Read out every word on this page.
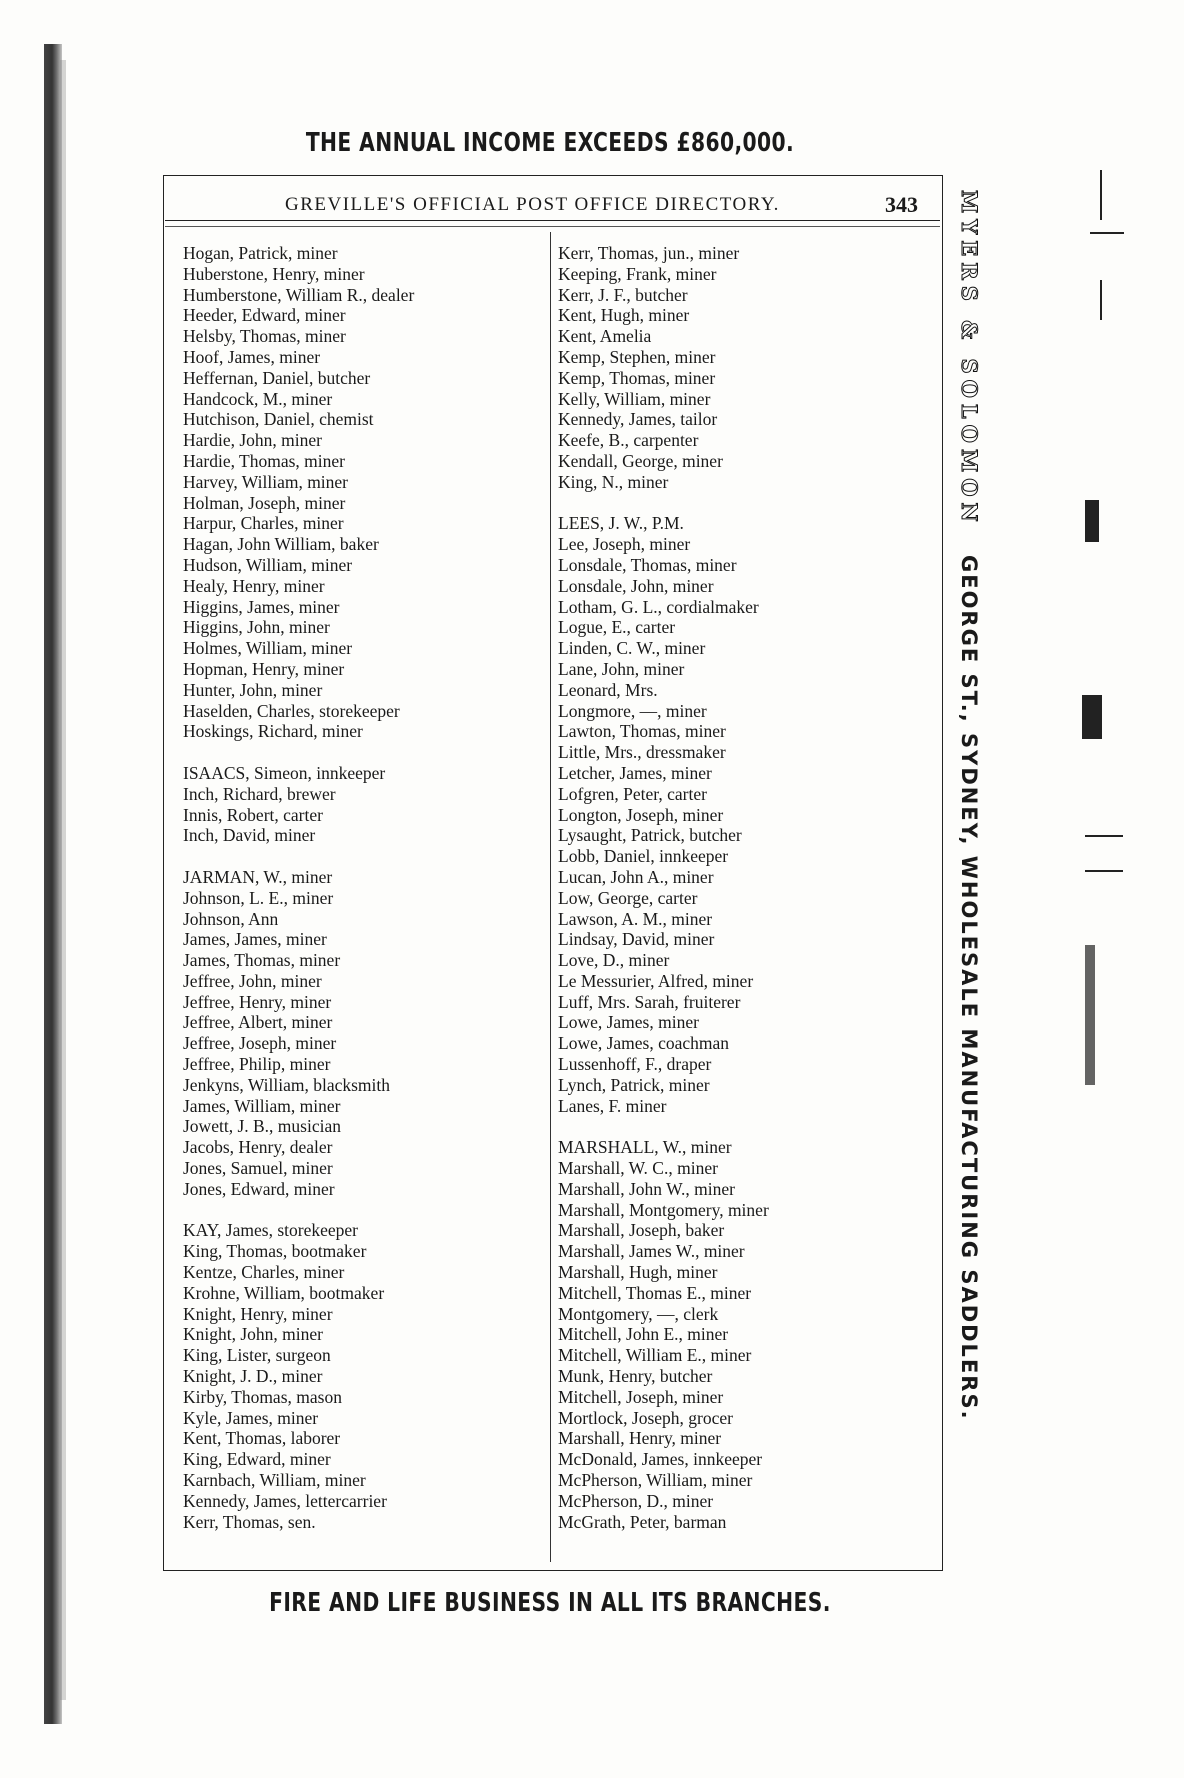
THE ANNUAL INCOME EXCEEDS £860,000.
GREVILLE'S OFFICIAL POST OFFICE DIRECTORY.	343
Hogan, Patrick, miner
Huberstone, Henry, miner
Humberstone, William R., dealer
Heeder, Edward, miner
Helsby, Thomas, miner
Hoof, James, miner
Heffernan, Daniel, butcher
Handcock, M., miner
Hutchison, Daniel, chemist
Hardie, John, miner
Hardie, Thomas, miner
Harvey, William, miner
Holman, Joseph, miner
Harpur, Charles, miner
Hagan, John William, baker
Hudson, William, miner
Healy, Henry, miner
Higgins, James, miner
Higgins, John, miner
Holmes, William, miner
Hopman, Henry, miner
Hunter, John, miner
Haselden, Charles, storekeeper
Hoskings, Richard, miner
ISAACS, Simeon, innkeeper
Inch, Richard, brewer
Innis, Robert, carter
Inch, David, miner
JARMAN, W., miner
Johnson, L. E., miner
Johnson, Ann
James, James, miner
James, Thomas, miner
Jeffree, John, miner
Jeffree, Henry, miner
Jeffree, Albert, miner
Jeffree, Joseph, miner
Jeffree, Philip, miner
Jenkyns, William, blacksmith
James, William, miner
Jowett, J. B., musician
Jacobs, Henry, dealer
Jones, Samuel, miner
Jones, Edward, miner
KAY, James, storekeeper
King, Thomas, bootmaker
Kentze, Charles, miner
Krohne, William, bootmaker
Knight, Henry, miner
Knight, John, miner
King, Lister, surgeon
Knight, J. D., miner
Kirby, Thomas, mason
Kyle, James, miner
Kent, Thomas, laborer
King, Edward, miner
Karnbach, William, miner
Kennedy, James, lettercarrier
Kerr, Thomas, sen.
Kerr, Thomas, jun., miner
Keeping, Frank, miner
Kerr, J. F., butcher
Kent, Hugh, miner
Kent, Amelia
Kemp, Stephen, miner
Kemp, Thomas, miner
Kelly, William, miner
Kennedy, James, tailor
Keefe, B., carpenter
Kendall, George, miner
King, N., miner
LEES, J. W., P.M.
Lee, Joseph, miner
Lonsdale, Thomas, miner
Lonsdale, John, miner
Lotham, G. L., cordialmaker
Logue, E., carter
Linden, C. W., miner
Lane, John, miner
Leonard, Mrs.
Longmore, —, miner
Lawton, Thomas, miner
Little, Mrs., dressmaker
Letcher, James, miner
Lofgren, Peter, carter
Longton, Joseph, miner
Lysaught, Patrick, butcher
Lobb, Daniel, innkeeper
Lucan, John A., miner
Low, George, carter
Lawson, A. M., miner
Lindsay, David, miner
Love, D., miner
Le Messurier, Alfred, miner
Luff, Mrs. Sarah, fruiterer
Lowe, James, miner
Lowe, James, coachman
Lussenhoff, F., draper
Lynch, Patrick, miner
Lanes, F. miner
MARSHALL, W., miner
Marshall, W. C., miner
Marshall, John W., miner
Marshall, Montgomery, miner
Marshall, Joseph, baker
Marshall, James W., miner
Marshall, Hugh, miner
Mitchell, Thomas E., miner
Montgomery, —, clerk
Mitchell, John E., miner
Mitchell, William E., miner
Munk, Henry, butcher
Mitchell, Joseph, miner
Mortlock, Joseph, grocer
Marshall, Henry, miner
McDonald, James, innkeeper
McPherson, William, miner
McPherson, D., miner
McGrath, Peter, barman
MYERS & SOLOMON GEORGE ST., SYDNEY, WHOLESALE MANUFACTURING SADDLERS.
FIRE AND LIFE BUSINESS IN ALL ITS BRANCHES.
